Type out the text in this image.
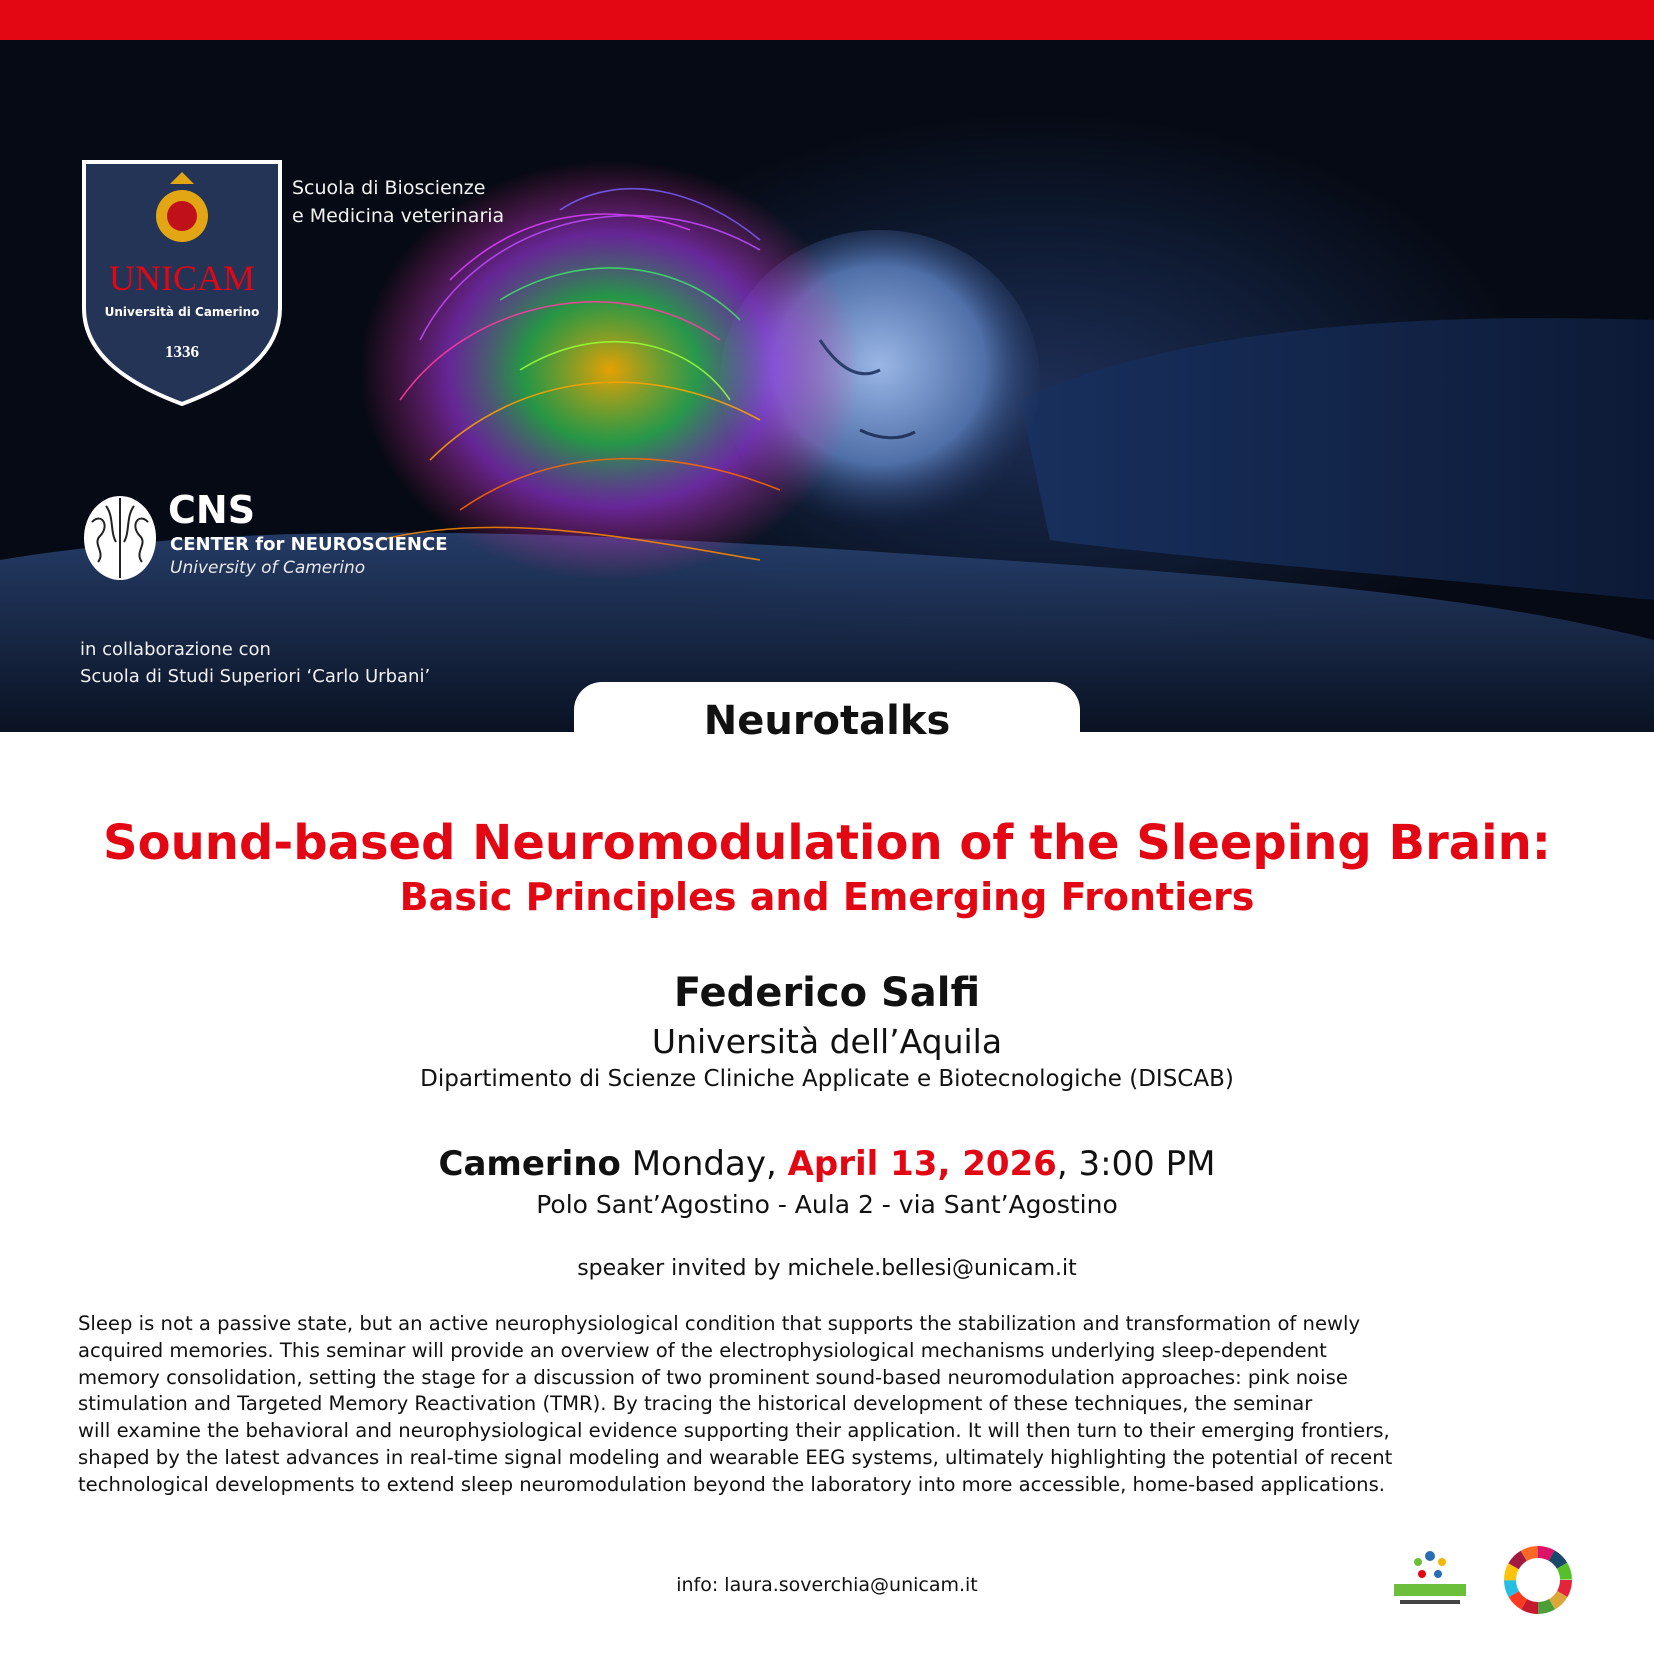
UNICAM
Università di Camerino
1336
Scuola di Bioscienze
e Medicina veterinaria
CNS
CENTER for NEUROSCIENCE
University of Camerino
in collaborazione con
Scuola di Studi Superiori ‘Carlo Urbani’
Neurotalks
Sound-based Neuromodulation of the Sleeping Brain:
Basic Principles and Emerging Frontiers
Federico Salfi
Università dell’Aquila
Dipartimento di Scienze Cliniche Applicate e Biotecnologiche (DISCAB)
Camerino Monday, April 13, 2026, 3:00 PM
Polo Sant’Agostino - Aula 2 - via Sant’Agostino
speaker invited by michele.bellesi@unicam.it
Sleep is not a passive state, but an active neurophysiological condition that supports the stabilization and transformation of newly
acquired memories. This seminar will provide an overview of the electrophysiological mechanisms underlying sleep-dependent
memory consolidation, setting the stage for a discussion of two prominent sound-based neuromodulation approaches: pink noise
stimulation and Targeted Memory Reactivation (TMR). By tracing the historical development of these techniques, the seminar
will examine the behavioral and neurophysiological evidence supporting their application. It will then turn to their emerging frontiers,
shaped by the latest advances in real-time signal modeling and wearable EEG systems, ultimately highlighting the potential of recent
technological developments to extend sleep neuromodulation beyond the laboratory into more accessible, home-based applications.
info: laura.soverchia@unicam.it
